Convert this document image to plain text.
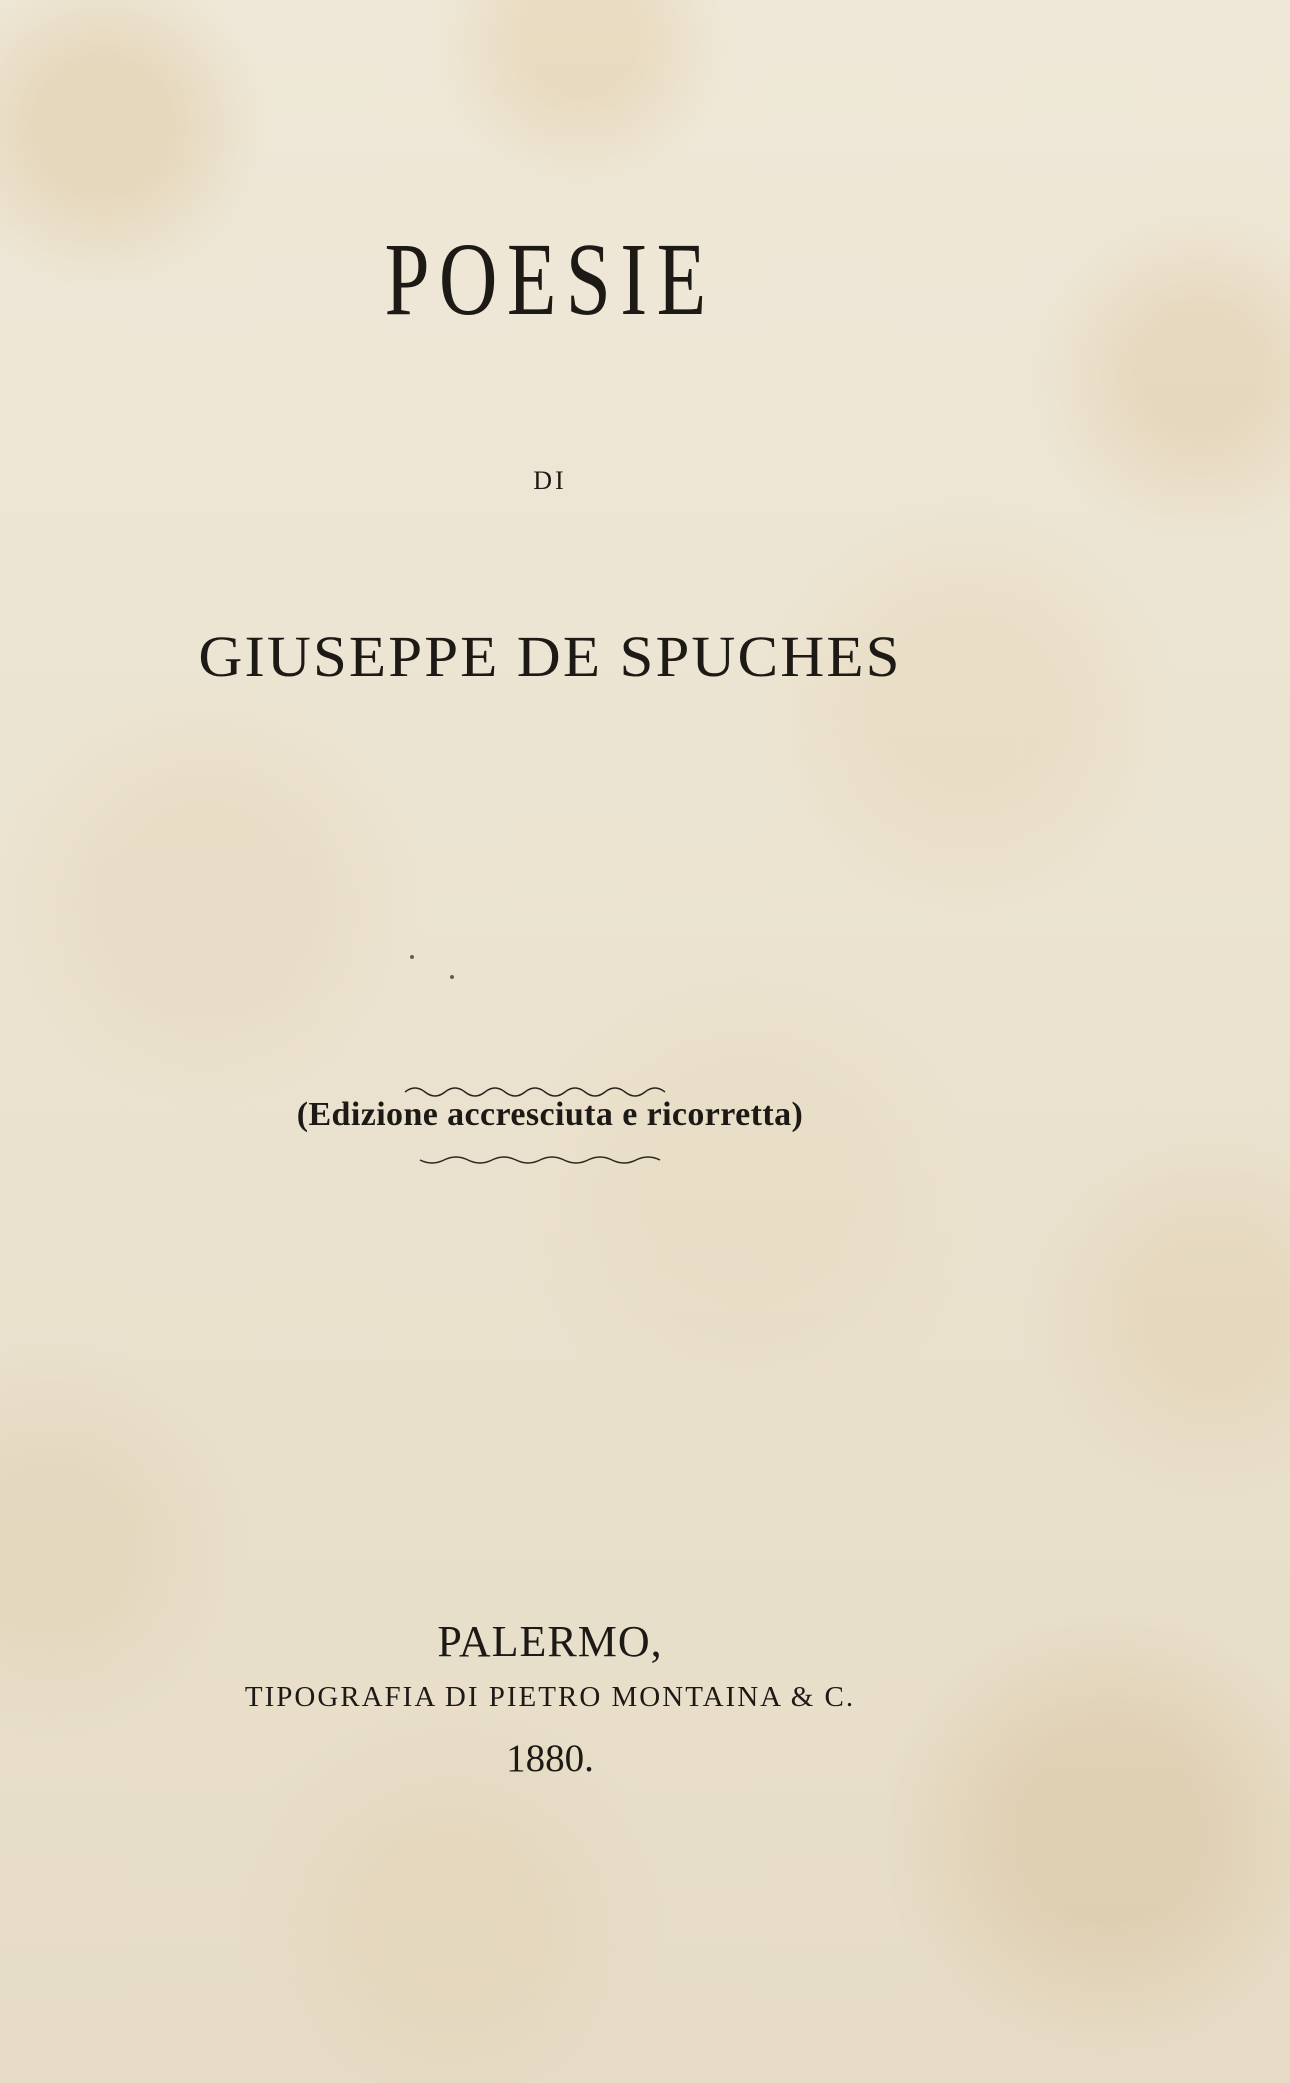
POESIE
DI
GIUSEPPE DE SPUCHES
(Edizione accresciuta e ricorretta)
PALERMO,
TIPOGRAFIA DI PIETRO MONTAINA & C.
1880.
